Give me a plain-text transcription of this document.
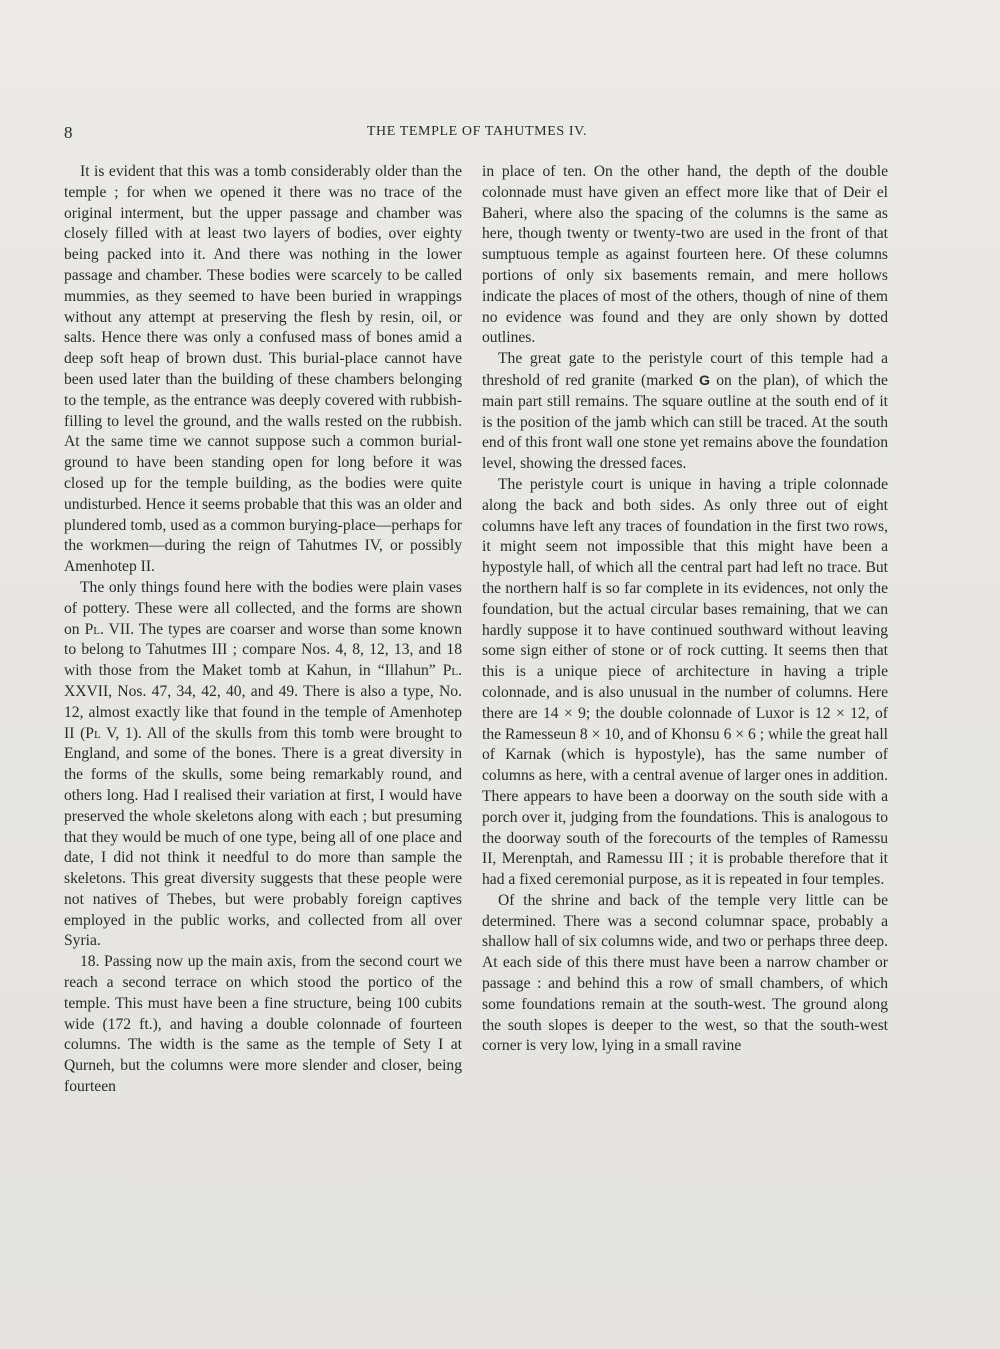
8	THE TEMPLE OF TAHUTMES IV.

It is evident that this was a tomb considerably older than the temple ; for when we opened it there was no trace of the original interment, but the upper passage and chamber was closely filled with at least two layers of bodies, over eighty being packed into it. And there was nothing in the lower passage and chamber. These bodies were scarcely to be called mummies, as they seemed to have been buried in wrappings without any attempt at preserving the flesh by resin, oil, or salts. Hence there was only a confused mass of bones amid a deep soft heap of brown dust. This burial-place cannot have been used later than the building of these chambers belonging to the temple, as the entrance was deeply covered with rubbish-filling to level the ground, and the walls rested on the rubbish. At the same time we cannot suppose such a common burial-ground to have been standing open for long before it was closed up for the temple building, as the bodies were quite undisturbed. Hence it seems probable that this was an older and plundered tomb, used as a common burying-place—perhaps for the workmen—during the reign of Tahutmes IV, or possibly Amenhotep II.

The only things found here with the bodies were plain vases of pottery. These were all collected, and the forms are shown on Pl. VII. The types are coarser and worse than some known to belong to Tahutmes III ; compare Nos. 4, 8, 12, 13, and 18 with those from the Maket tomb at Kahun, in “Illahun” Pl. XXVII, Nos. 47, 34, 42, 40, and 49. There is also a type, No. 12, almost exactly like that found in the temple of Amenhotep II (Pl V, 1). All of the skulls from this tomb were brought to England, and some of the bones. There is a great diversity in the forms of the skulls, some being remarkably round, and others long. Had I realised their variation at first, I would have preserved the whole skeletons along with each ; but presuming that they would be much of one type, being all of one place and date, I did not think it needful to do more than sample the skeletons. This great diversity suggests that these people were not natives of Thebes, but were probably foreign captives employed in the public works, and collected from all over Syria.

18. Passing now up the main axis, from the second court we reach a second terrace on which stood the portico of the temple. This must have been a fine structure, being 100 cubits wide (172 ft.), and having a double colonnade of fourteen columns. The width is the same as the temple of Sety I at Qurneh, but the columns were more slender and closer, being fourteen

in place of ten. On the other hand, the depth of the double colonnade must have given an effect more like that of Deir el Baheri, where also the spacing of the columns is the same as here, though twenty or twenty-two are used in the front of that sumptuous temple as against fourteen here. Of these columns portions of only six basements remain, and mere hollows indicate the places of most of the others, though of nine of them no evidence was found and they are only shown by dotted outlines.

The great gate to the peristyle court of this temple had a threshold of red granite (marked G on the plan), of which the main part still remains. The square outline at the south end of it is the position of the jamb which can still be traced. At the south end of this front wall one stone yet remains above the foundation level, showing the dressed faces.

The peristyle court is unique in having a triple colonnade along the back and both sides. As only three out of eight columns have left any traces of foundation in the first two rows, it might seem not impossible that this might have been a hypostyle hall, of which all the central part had left no trace. But the northern half is so far complete in its evidences, not only the foundation, but the actual circular bases remaining, that we can hardly suppose it to have continued southward without leaving some sign either of stone or of rock cutting. It seems then that this is a unique piece of architecture in having a triple colonnade, and is also unusual in the number of columns. Here there are 14 × 9; the double colonnade of Luxor is 12 × 12, of the Ramesseun 8 × 10, and of Khonsu 6 × 6 ; while the great hall of Karnak (which is hypostyle), has the same number of columns as here, with a central avenue of larger ones in addition. There appears to have been a doorway on the south side with a porch over it, judging from the foundations. This is analogous to the doorway south of the forecourts of the temples of Ramessu II, Merenptah, and Ramessu III ; it is probable therefore that it had a fixed ceremonial purpose, as it is repeated in four temples.

Of the shrine and back of the temple very little can be determined. There was a second columnar space, probably a shallow hall of six columns wide, and two or perhaps three deep. At each side of this there must have been a narrow chamber or passage : and behind this a row of small chambers, of which some foundations remain at the south-west. The ground along the south slopes is deeper to the west, so that the south-west corner is very low, lying in a small ravine
